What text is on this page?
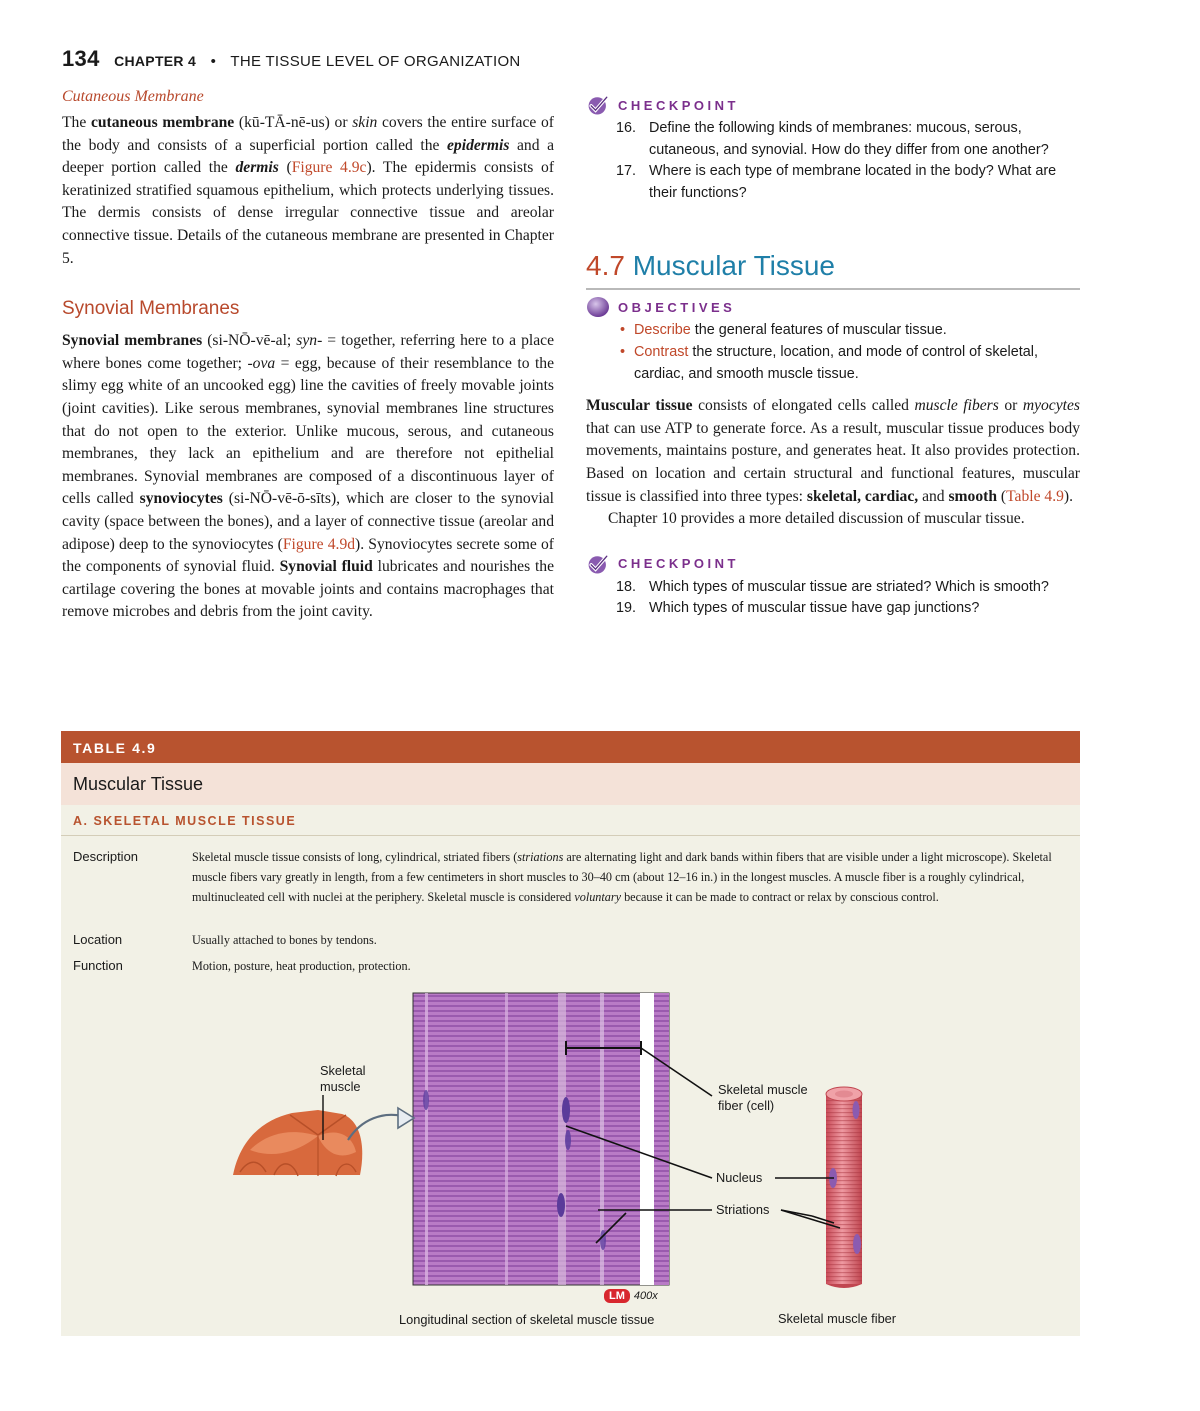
134 CHAPTER 4 • THE TISSUE LEVEL OF ORGANIZATION
Cutaneous Membrane

The cutaneous membrane (kū-TĀ-nē-us) or skin covers the entire surface of the body and consists of a superficial portion called the epidermis and a deeper portion called the dermis (Figure 4.9c). The epidermis consists of keratinized stratified squamous epithelium, which protects underlying tissues. The dermis consists of dense irregular connective tissue and areolar connective tissue. Details of the cutaneous membrane are presented in Chapter 5.

Synovial Membranes

Synovial membranes (si-NŌ-vē-al; syn- = together, referring here to a place where bones come together; -ova = egg, because of their resemblance to the slimy egg white of an uncooked egg) line the cavities of freely movable joints (joint cavities). Like serous membranes, synovial membranes line structures that do not open to the exterior. Unlike mucous, serous, and cutaneous membranes, they lack an epithelium and are therefore not epithelial membranes. Synovial membranes are composed of a discontinuous layer of cells called synoviocytes (si-NŌ-vē-ō-sīts), which are closer to the synovial cavity (space between the bones), and a layer of connective tissue (areolar and adipose) deep to the synoviocytes (Figure 4.9d). Synoviocytes secrete some of the components of synovial fluid. Synovial fluid lubricates and nourishes the cartilage covering the bones at movable joints and contains macrophages that remove microbes and debris from the joint cavity.

CHECKPOINT
16. Define the following kinds of membranes: mucous, serous, cutaneous, and synovial. How do they differ from one another?
17. Where is each type of membrane located in the body? What are their functions?
4.7 Muscular Tissue
OBJECTIVES
• Describe the general features of muscular tissue.
• Contrast the structure, location, and mode of control of skeletal, cardiac, and smooth muscle tissue.

Muscular tissue consists of elongated cells called muscle fibers or myocytes that can use ATP to generate force. As a result, muscular tissue produces body movements, maintains posture, and generates heat. It also provides protection. Based on location and certain structural and functional features, muscular tissue is classified into three types: skeletal, cardiac, and smooth (Table 4.9).

Chapter 10 provides a more detailed discussion of muscular tissue.

CHECKPOINT
18. Which types of muscular tissue are striated? Which is smooth?
19. Which types of muscular tissue have gap junctions?
TABLE 4.9
Muscular Tissue
A. SKELETAL MUSCLE TISSUE
Description	Skeletal muscle tissue consists of long, cylindrical, striated fibers (striations are alternating light and dark bands within fibers that are visible under a light microscope). Skeletal muscle fibers vary greatly in length, from a few centimeters in short muscles to 30–40 cm (about 12–16 in.) in the longest muscles. A muscle fiber is a roughly cylindrical, multinucleated cell with nuclei at the periphery. Skeletal muscle is considered voluntary because it can be made to contract or relax by conscious control.
Location	Usually attached to bones by tendons.
Function	Motion, posture, heat production, protection.
Skeletal
muscle	Skeletal muscle
fiber (cell)
Nucleus
Striations
LM 400x
Longitudinal section of skeletal muscle tissue	Skeletal muscle fiber
